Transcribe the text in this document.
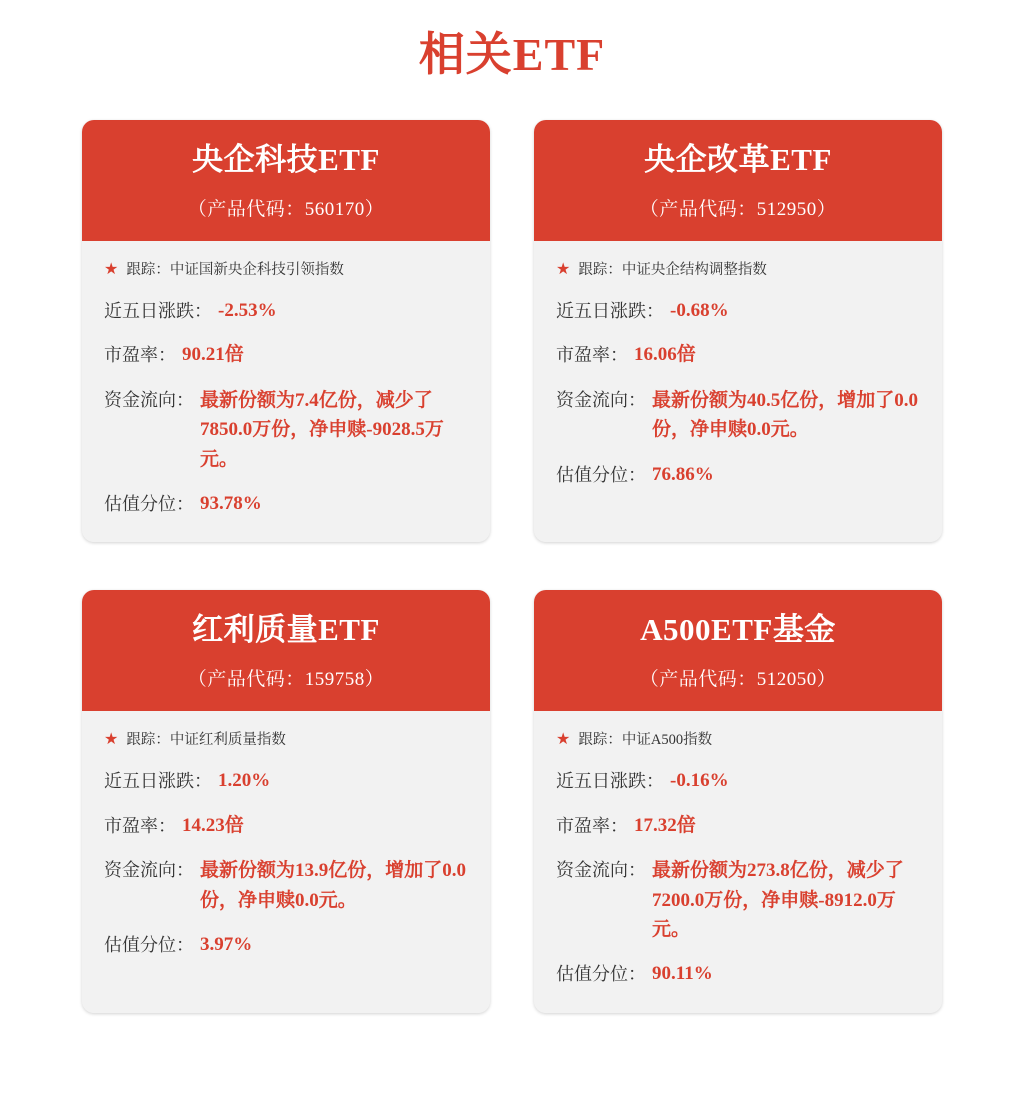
相关ETF
央企科技ETF
（产品代码：560170）
★ 跟踪：中证国新央企科技引领指数
近五日涨跌： -2.53%
市盈率： 90.21倍
资金流向： 最新份额为7.4亿份，减少了7850.0万份，净申赎-9028.5万元。
估值分位： 93.78%
央企改革ETF
（产品代码：512950）
★ 跟踪：中证央企结构调整指数
近五日涨跌： -0.68%
市盈率： 16.06倍
资金流向： 最新份额为40.5亿份，增加了0.0份，净申赎0.0元。
估值分位： 76.86%
红利质量ETF
（产品代码：159758）
★ 跟踪：中证红利质量指数
近五日涨跌： 1.20%
市盈率： 14.23倍
资金流向： 最新份额为13.9亿份，增加了0.0份，净申赎0.0元。
估值分位： 3.97%
A500ETF基金
（产品代码：512050）
★ 跟踪：中证A500指数
近五日涨跌： -0.16%
市盈率： 17.32倍
资金流向： 最新份额为273.8亿份，减少了7200.0万份，净申赎-8912.0万元。
估值分位： 90.11%
